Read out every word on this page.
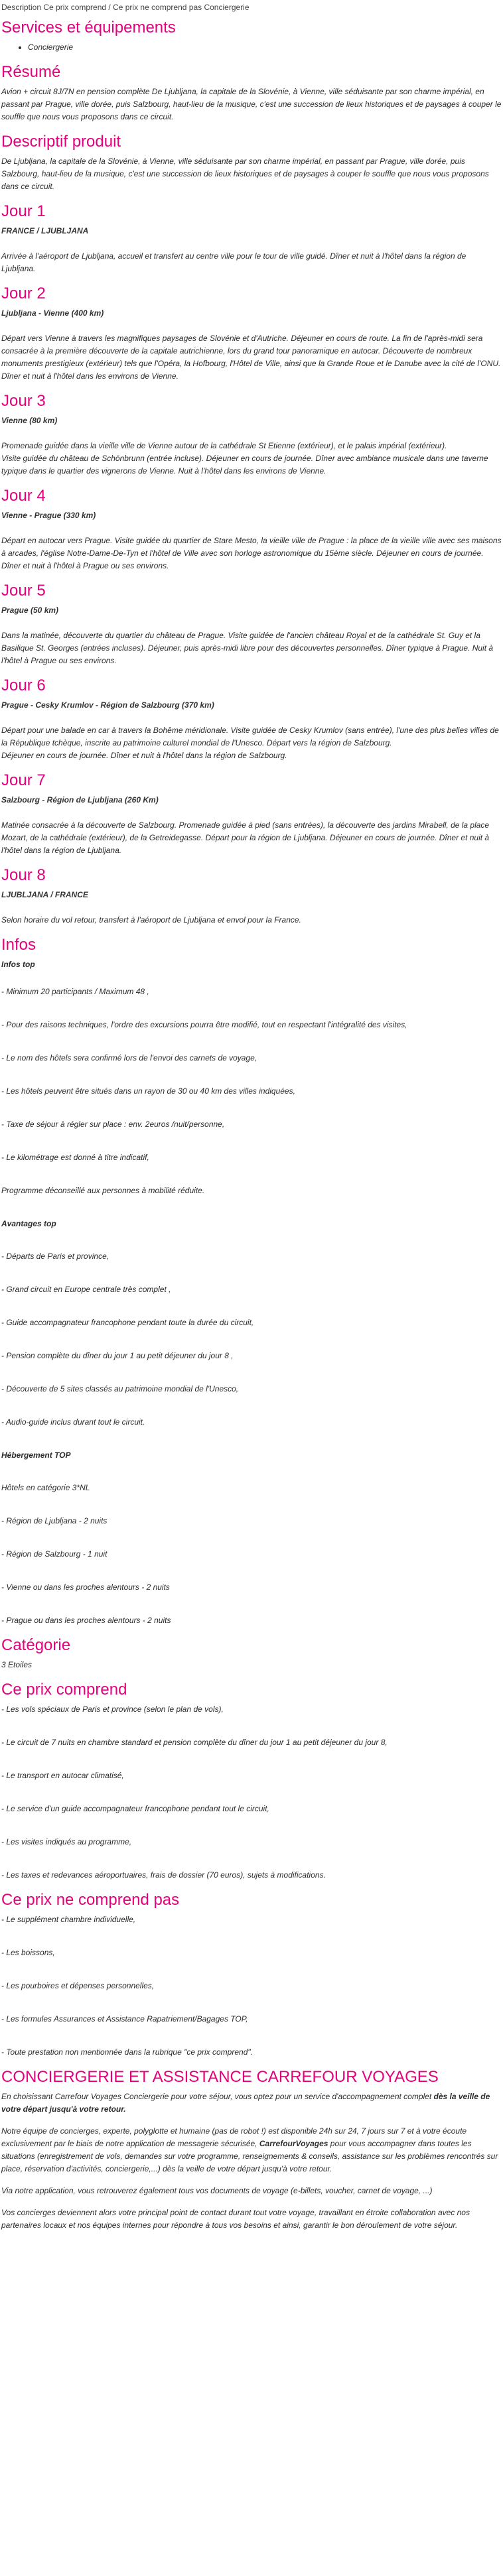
Description Ce prix comprend / Ce prix ne comprend pas Conciergerie
Services et équipements
• Conciergerie
Résumé

Avion + circuit 8J/7N en pension complète De Ljubljana, la capitale de la Slovénie, à Vienne, ville séduisante par son charme impérial, en passant par Prague, ville dorée, puis Salzbourg, haut-lieu de la musique, c'est une succession de lieux historiques et de paysages à couper le souffle que nous vous proposons dans ce circuit.

Descriptif produit

De Ljubljana, la capitale de la Slovénie, à Vienne, ville séduisante par son charme impérial, en passant par Prague, ville dorée, puis Salzbourg, haut-lieu de la musique, c'est une succession de lieux historiques et de paysages à couper le souffle que nous vous proposons dans ce circuit.

Jour 1
FRANCE / LJUBLJANA

Arrivée à l'aéroport de Ljubljana, accueil et transfert au centre ville pour le tour de ville guidé. Dîner et nuit à l'hôtel dans la région de Ljubljana.

Jour 2
Ljubljana - Vienne (400 km)

Départ vers Vienne à travers les magnifiques paysages de Slovénie et d'Autriche. Déjeuner en cours de route. La fin de l'après-midi sera consacrée à la première découverte de la capitale autrichienne, lors du grand tour panoramique en autocar. Découverte de nombreux monuments prestigieux (extérieur) tels que l'Opéra, la Hofbourg, l'Hôtel de Ville, ainsi que la Grande Roue et le Danube avec la cité de l'ONU. Dîner et nuit à l'hôtel dans les environs de Vienne.

Jour 3
Vienne (80 km)

Promenade guidée dans la vieille ville de Vienne autour de la cathédrale St Etienne (extérieur), et le palais impérial (extérieur).

Visite guidée du château de Schönbrunn (entrée incluse). Déjeuner en cours de journée. Dîner avec ambiance musicale dans une taverne typique dans le quartier des vignerons de Vienne. Nuit à l'hôtel dans les environs de Vienne.

Jour 4
Vienne - Prague (330 km)

Départ en autocar vers Prague. Visite guidée du quartier de Stare Mesto, la vieille ville de Prague : la place de la vieille ville avec ses maisons à arcades, l'église Notre-Dame-De-Tyn et l'hôtel de Ville avec son horloge astronomique du 15ème siècle. Déjeuner en cours de journée. Dîner et nuit à l'hôtel à Prague ou ses environs.

Jour 5
Prague (50 km)

Dans la matinée, découverte du quartier du château de Prague. Visite guidée de l'ancien château Royal et de la cathédrale St. Guy et la Basilique St. Georges (entrées incluses). Déjeuner, puis après-midi libre pour des découvertes personnelles. Dîner typique à Prague. Nuit à l'hôtel à Prague ou ses environs.

Jour 6
Prague - Cesky Krumlov - Région de Salzbourg (370 km)

Départ pour une balade en car à travers la Bohême méridionale. Visite guidée de Cesky Krumlov (sans entrée), l'une des plus belles villes de la République tchèque, inscrite au patrimoine culturel mondial de l'Unesco. Départ vers la région de Salzbourg.

Déjeuner en cours de journée. Dîner et nuit à l'hôtel dans la région de Salzbourg.

Jour 7
Salzbourg - Région de Ljubljana (260 Km)

Matinée consacrée à la découverte de Salzbourg. Promenade guidée à pied (sans entrées), la découverte des jardins Mirabell, de la place Mozart, de la cathédrale (extérieur), de la Getreidegasse. Départ pour la région de Ljubljana. Déjeuner en cours de journée. Dîner et nuit à l'hôtel dans la région de Ljubljana.

Jour 8
LJUBLJANA / FRANCE

Selon horaire du vol retour, transfert à l'aéroport de Ljubljana et envol pour la France.

Infos
Infos top
- Minimum 20 participants / Maximum 48 ,
- Pour des raisons techniques, l'ordre des excursions pourra être modifié, tout en respectant l'intégralité des visites,
- Le nom des hôtels sera confirmé lors de l'envoi des carnets de voyage,
- Les hôtels peuvent être situés dans un rayon de 30 ou 40 km des villes indiquées,
- Taxe de séjour à régler sur place : env. 2euros /nuit/personne,
- Le kilométrage est donné à titre indicatif,
Programme déconseillé aux personnes à mobilité réduite.
Avantages top
- Départs de Paris et province,
- Grand circuit en Europe centrale très complet ,
- Guide accompagnateur francophone pendant toute la durée du circuit,
- Pension complète du dîner du jour 1 au petit déjeuner du jour 8 ,
- Découverte de 5 sites classés au patrimoine mondial de l'Unesco,
- Audio-guide inclus durant tout le circuit.
Hébergement TOP
Hôtels en catégorie 3*NL
- Région de Ljubljana - 2 nuits
- Région de Salzbourg - 1 nuit
- Vienne ou dans les proches alentours - 2 nuits
- Prague ou dans les proches alentours - 2 nuits
Catégorie

3 Etoiles

Ce prix comprend
- Les vols spéciaux de Paris et province (selon le plan de vols),
- Le circuit de 7 nuits en chambre standard et pension complète du dîner du jour 1 au petit déjeuner du jour 8,
- Le transport en autocar climatisé,
- Le service d'un guide accompagnateur francophone pendant tout le circuit,
- Les visites indiqués au programme,
- Les taxes et redevances aéroportuaires, frais de dossier (70 euros), sujets à modifications.
Ce prix ne comprend pas
- Le supplément chambre individuelle,
- Les boissons,
- Les pourboires et dépenses personnelles,
- Les formules Assurances et Assistance Rapatriement/Bagages TOP,
- Toute prestation non mentionnée dans la rubrique "ce prix comprend".
CONCIERGERIE ET ASSISTANCE CARREFOUR VOYAGES

En choisissant Carrefour Voyages Conciergerie pour votre séjour, vous optez pour un service d'accompagnement complet dès la veille de votre départ jusqu'à votre retour.

Notre équipe de concierges, experte, polyglotte et humaine (pas de robot !) est disponible 24h sur 24, 7 jours sur 7 et à votre écoute exclusivement par le biais de notre application de messagerie sécurisée, CarrefourVoyages pour vous accompagner dans toutes les situations (enregistrement de vols, demandes sur votre programme, renseignements & conseils, assistance sur les problèmes rencontrés sur place, réservation d'activités, conciergerie,...) dès la veille de votre départ jusqu'à votre retour.

Via notre application, vous retrouverez également tous vos documents de voyage (e-billets, voucher, carnet de voyage, ...)

Vos concierges deviennent alors votre principal point de contact durant tout votre voyage, travaillant en étroite collaboration avec nos partenaires locaux et nos équipes internes pour répondre à tous vos besoins et ainsi, garantir le bon déroulement de votre séjour.
